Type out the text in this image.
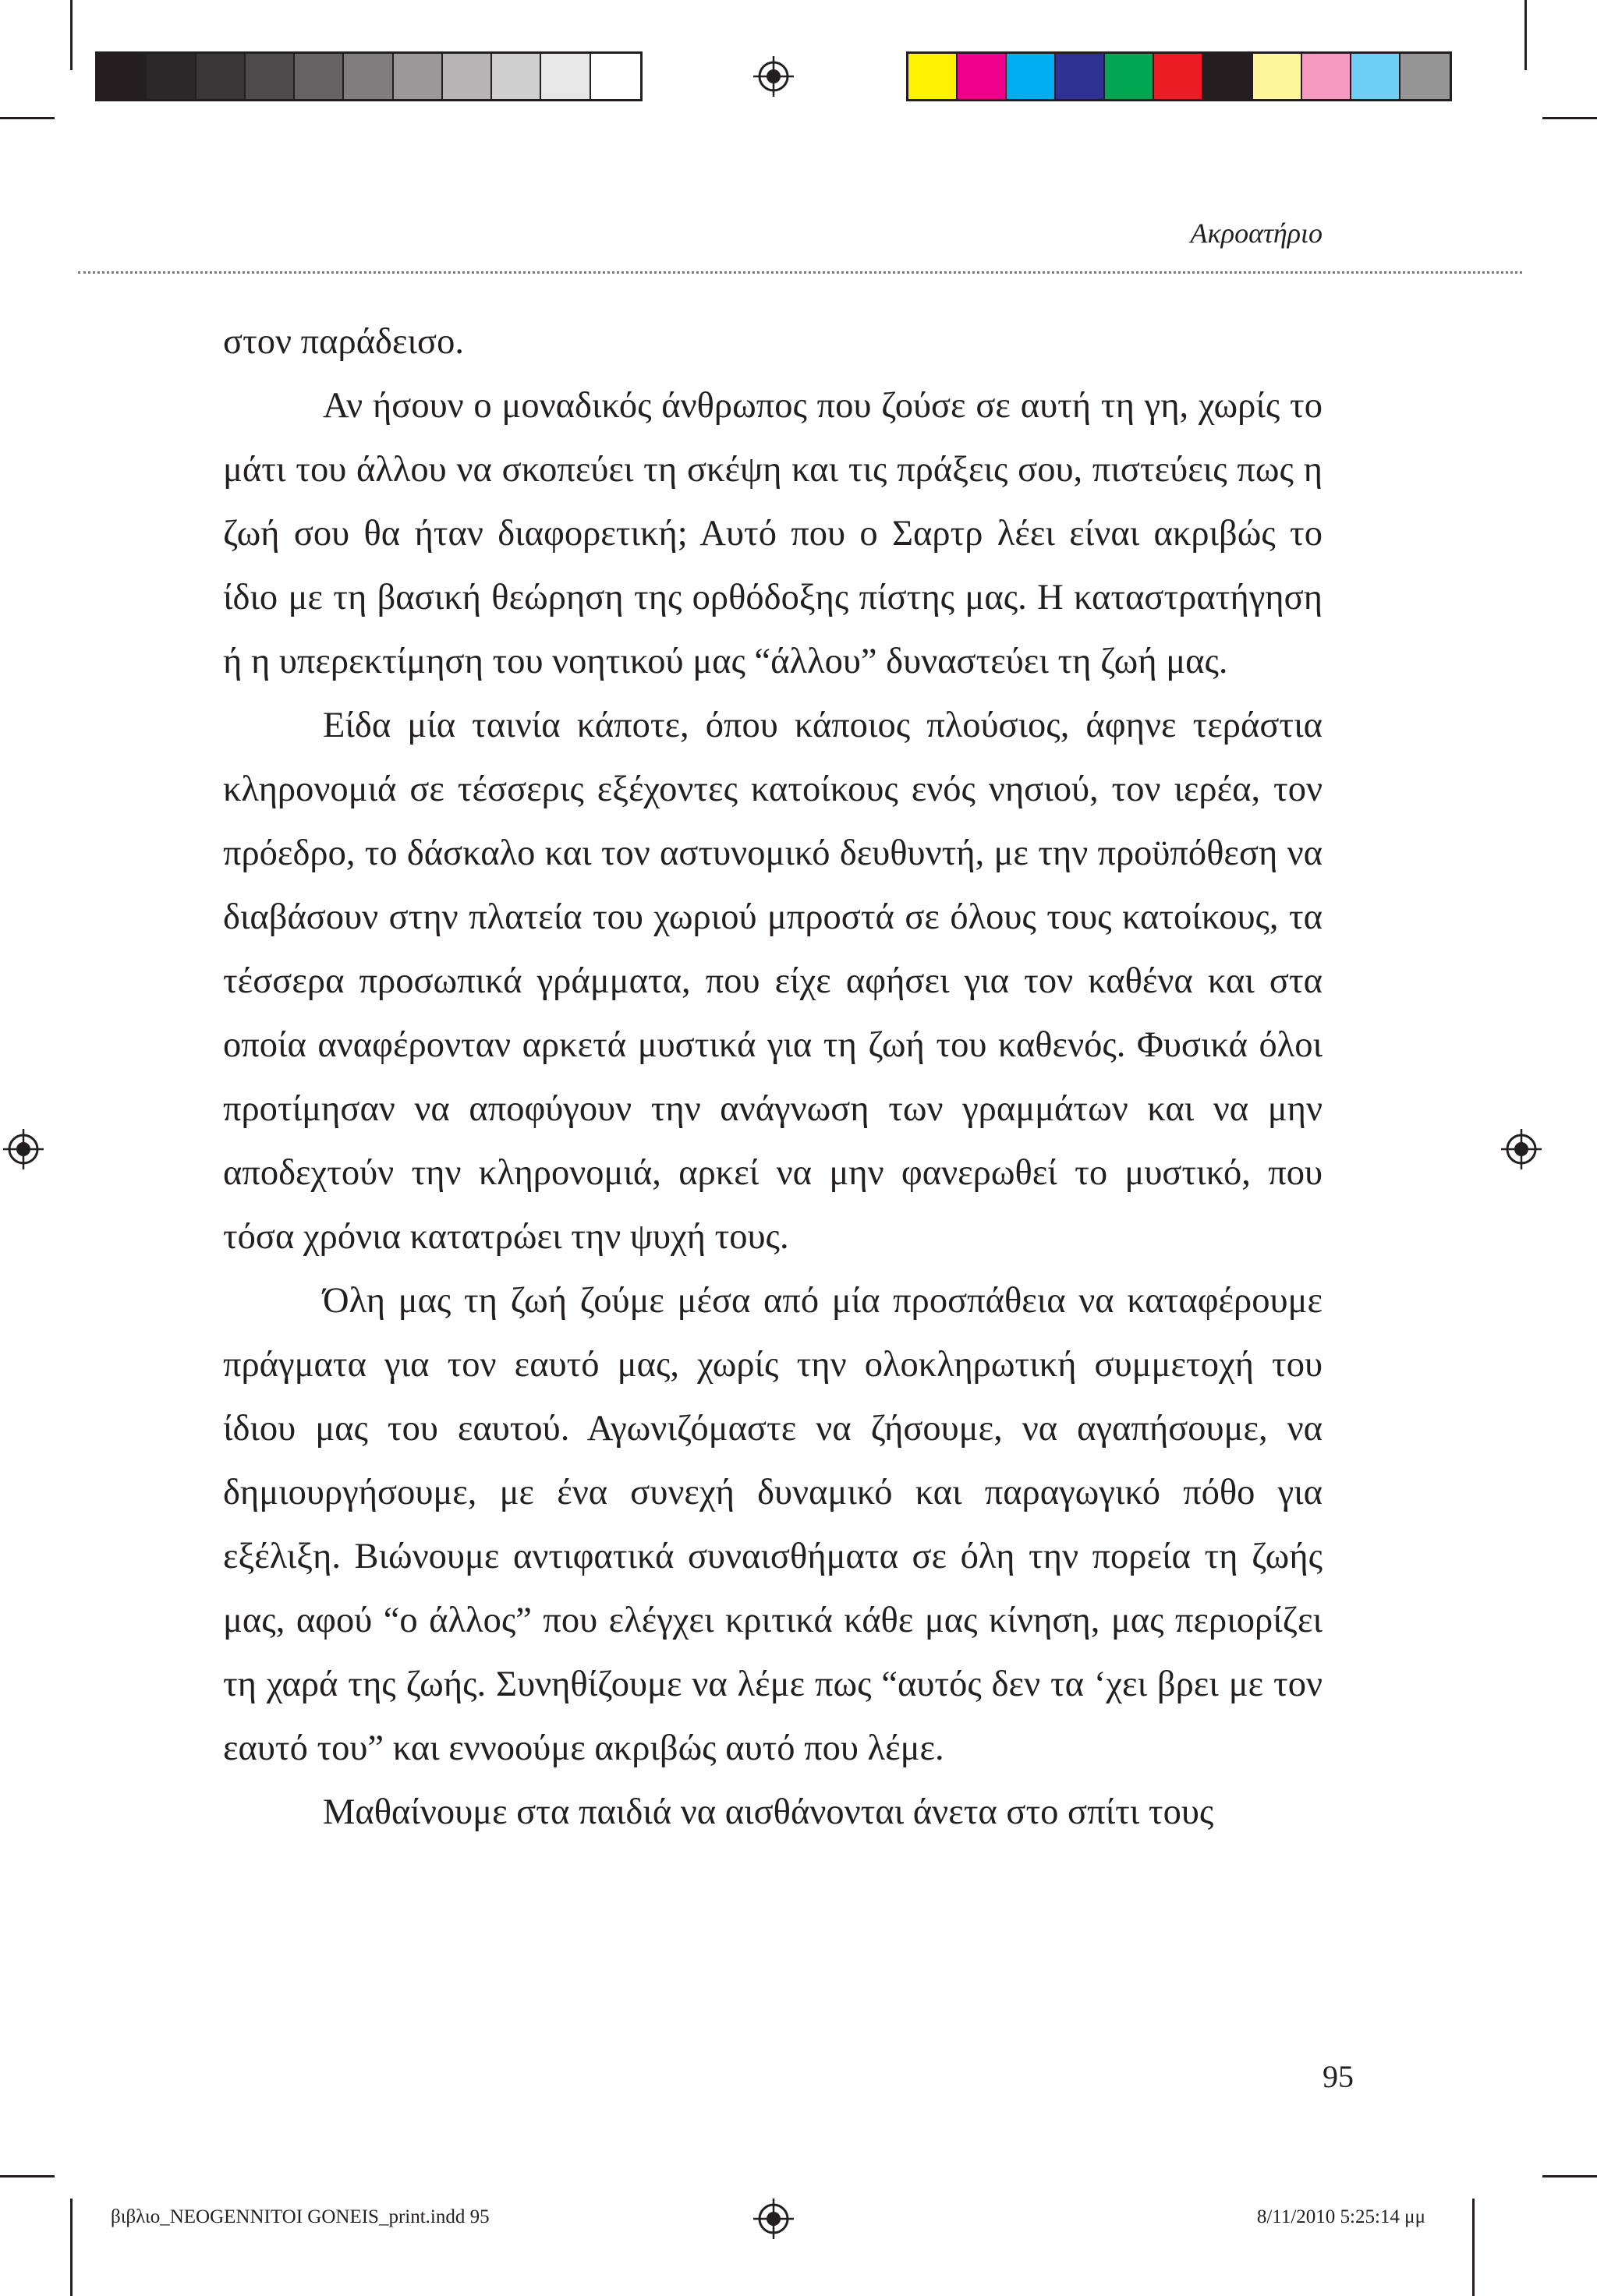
Ακροατήριο

στον παράδεισο.

Αν ήσουν ο μοναδικός άνθρωπος που ζούσε σε αυτή τη γη, χωρίς το μάτι του άλλου να σκοπεύει τη σκέψη και τις πράξεις σου, πιστεύεις πως η ζωή σου θα ήταν διαφορετική; Αυτό που ο Σαρτρ λέει είναι ακριβώς το ίδιο με τη βασική θεώρηση της ορθόδοξης πίστης μας. Η καταστρατήγηση ή η υπερεκτίμηση του νοητικού μας “άλλου” δυναστεύει τη ζωή μας.

Είδα μία ταινία κάποτε, όπου κάποιος πλούσιος, άφηνε τεράστια κληρονομιά σε τέσσερις εξέχοντες κατοίκους ενός νησιού, τον ιερέα, τον πρόεδρο, το δάσκαλο και τον αστυνομικό δευθυντή, με την προϋπόθεση να διαβάσουν στην πλατεία του χωριού μπροστά σε όλους τους κατοίκους, τα τέσσερα προσωπικά γράμματα, που είχε αφήσει για τον καθένα και στα οποία αναφέρονταν αρκετά μυστικά για τη ζωή του καθενός. Φυσικά όλοι προτίμησαν να αποφύγουν την ανάγνωση των γραμμάτων και να μην αποδεχτούν την κληρονομιά, αρκεί να μην φανερωθεί το μυστικό, που τόσα χρόνια κατατρώει την ψυχή τους.

Όλη μας τη ζωή ζούμε μέσα από μία προσπάθεια να καταφέρουμε πράγματα για τον εαυτό μας, χωρίς την ολοκληρωτική συμμετοχή του ίδιου μας του εαυτού. Αγωνιζόμαστε να ζήσουμε, να αγαπήσουμε, να δημιουργήσουμε, με ένα συνεχή δυναμικό και παραγωγικό πόθο για εξέλιξη. Βιώνουμε αντιφατικά συναισθήματα σε όλη την πορεία τη ζωής μας, αφού “ο άλλος” που ελέγχει κριτικά κάθε μας κίνηση, μας περιορίζει τη χαρά της ζωής. Συνηθίζουμε να λέμε πως “αυτός δεν τα ‘χει βρει με τον εαυτό του” και εννοούμε ακριβώς αυτό που λέμε.

Μαθαίνουμε στα παιδιά να αισθάνονται άνετα στο σπίτι τους

95
βιβλιο_NEOGENNITOI GONEIS_print.indd 95	8/11/2010 5:25:14 μμ
